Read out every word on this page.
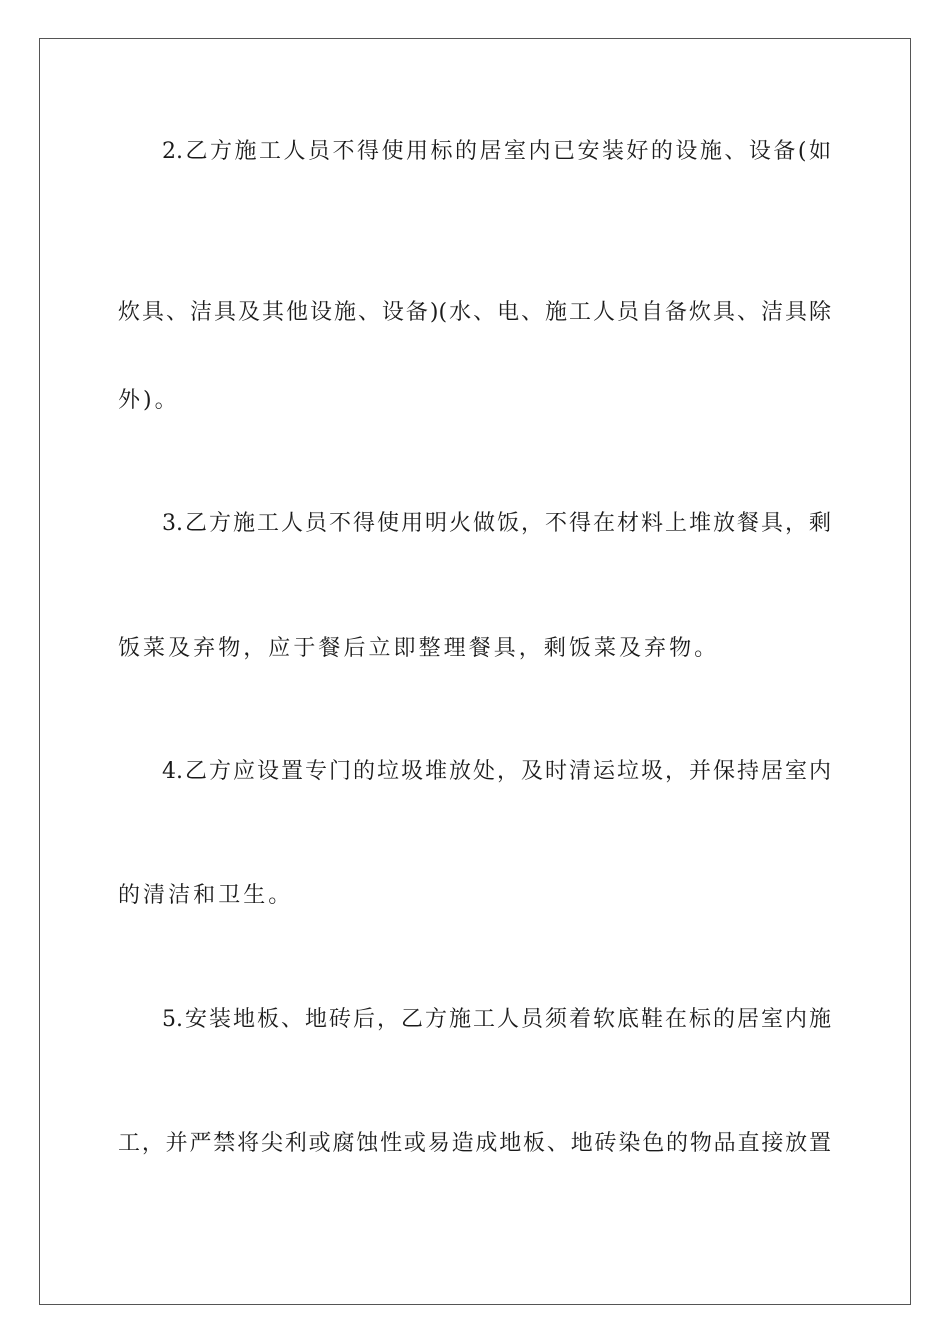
2.乙方施工人员不得使用标的居室内已安装好的设施、设备(如
炊具、洁具及其他设施、设备)(水、电、施工人员自备炊具、洁具除
外)。
3.乙方施工人员不得使用明火做饭，不得在材料上堆放餐具，剩
饭菜及弃物，应于餐后立即整理餐具，剩饭菜及弃物。
4.乙方应设置专门的垃圾堆放处，及时清运垃圾，并保持居室内
的清洁和卫生。
5.安装地板、地砖后，乙方施工人员须着软底鞋在标的居室内施
工，并严禁将尖利或腐蚀性或易造成地板、地砖染色的物品直接放置
